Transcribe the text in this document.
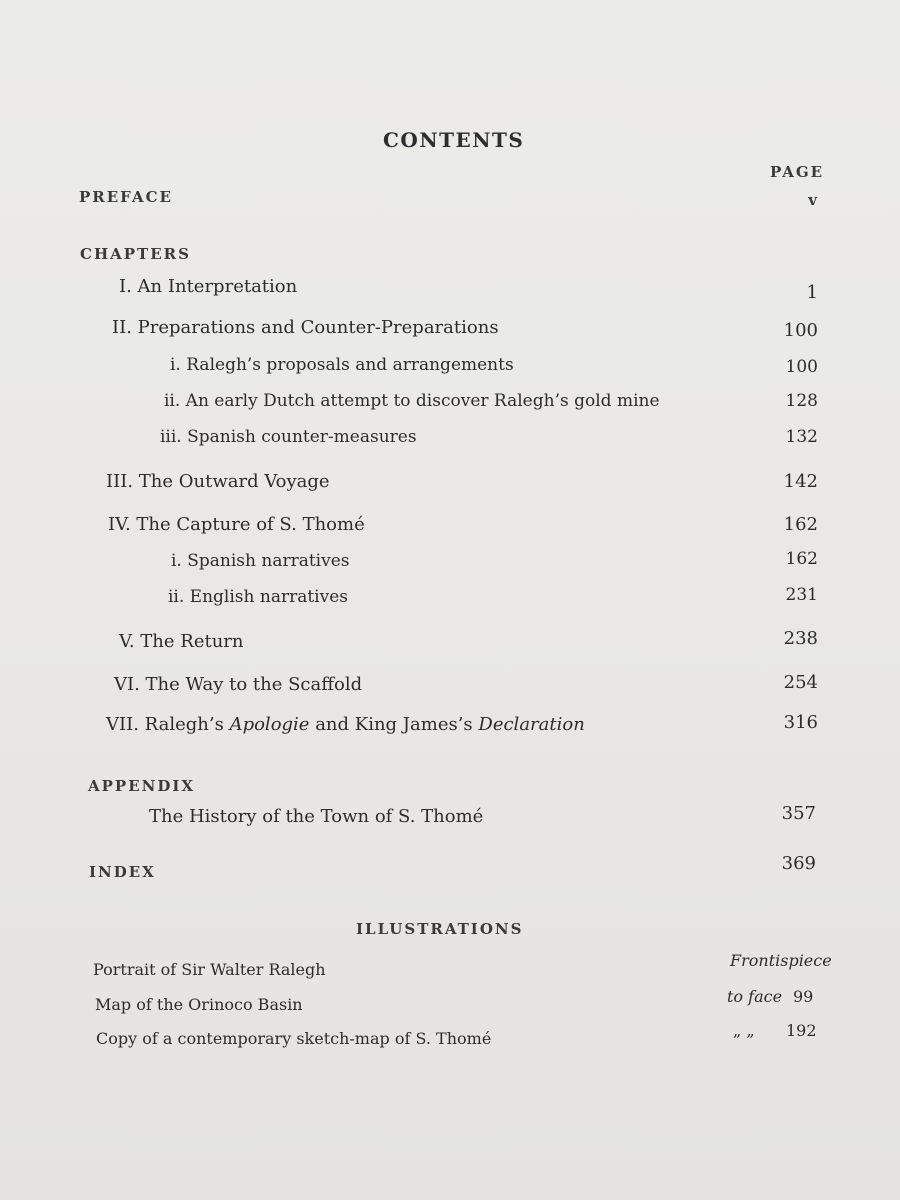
CONTENTS
PAGE
PREFACE	v
CHAPTERS
I. An Interpretation	1
II. Preparations and Counter-Preparations	100
i. Ralegh’s proposals and arrangements	100
ii. An early Dutch attempt to discover Ralegh’s gold mine	128
iii. Spanish counter-measures	132
III. The Outward Voyage	142
IV. The Capture of S. Thomé	162
i. Spanish narratives	162
ii. English narratives	231
V. The Return	238
VI. The Way to the Scaffold	254
VII. Ralegh’s Apologie and King James’s Declaration	316
APPENDIX
The History of the Town of S. Thomé	357
INDEX	369
ILLUSTRATIONS
Portrait of Sir Walter Ralegh	Frontispiece
Map of the Orinoco Basin	to face 99
Copy of a contemporary sketch-map of S. Thomé	„ „ 192
